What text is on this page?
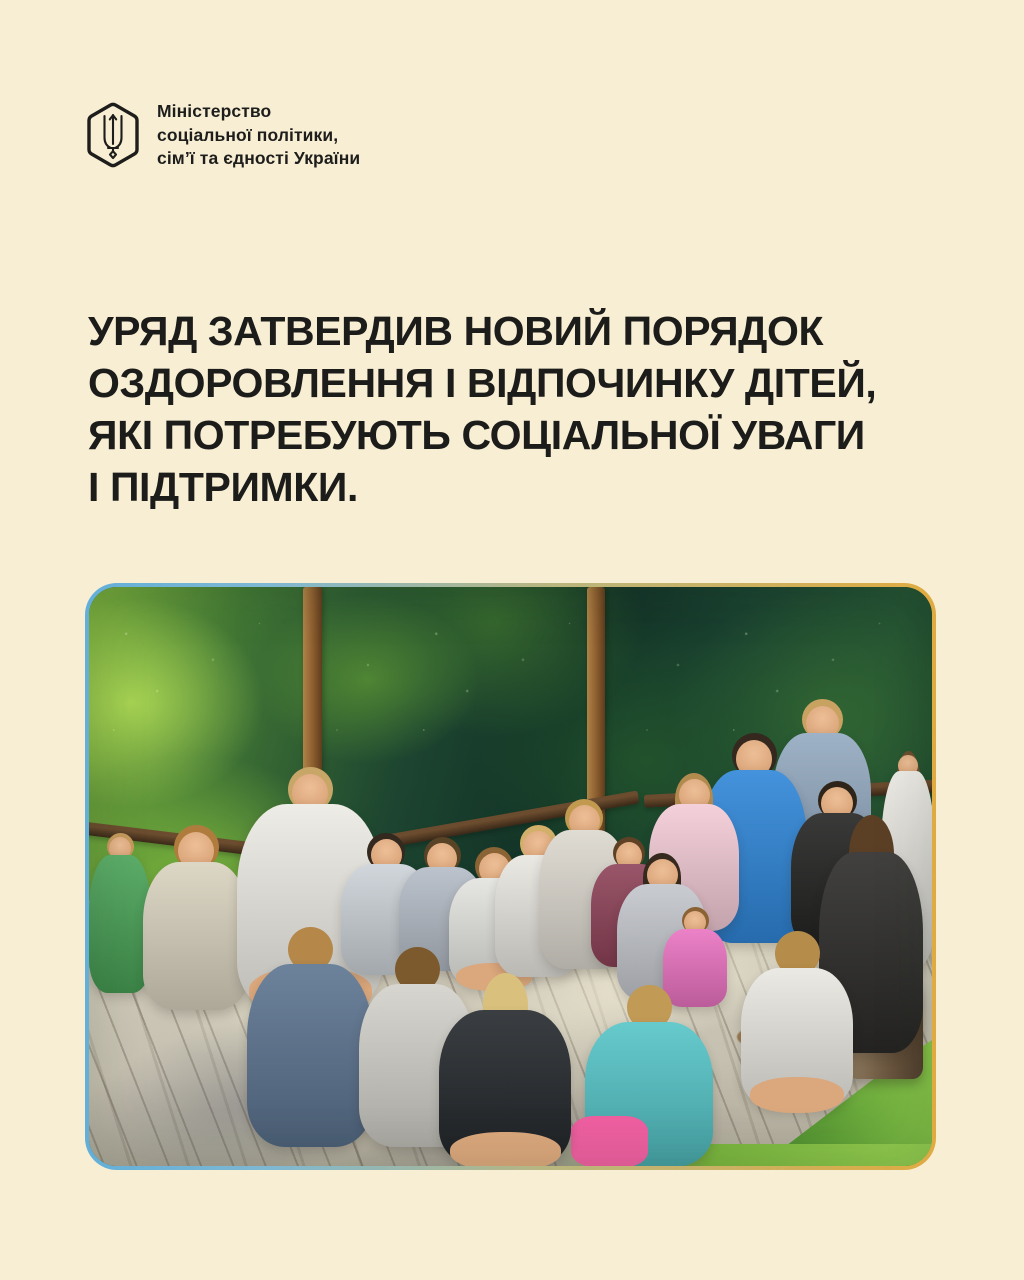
Міністерство
соціальної політики,
сім’ї та єдності України
УРЯД ЗАТВЕРДИВ НОВИЙ ПОРЯДОК
ОЗДОРОВЛЕННЯ І ВІДПОЧИНКУ ДІТЕЙ,
ЯКІ ПОТРЕБУЮТЬ СОЦІАЛЬНОЇ УВАГИ
І ПІДТРИМКИ.
